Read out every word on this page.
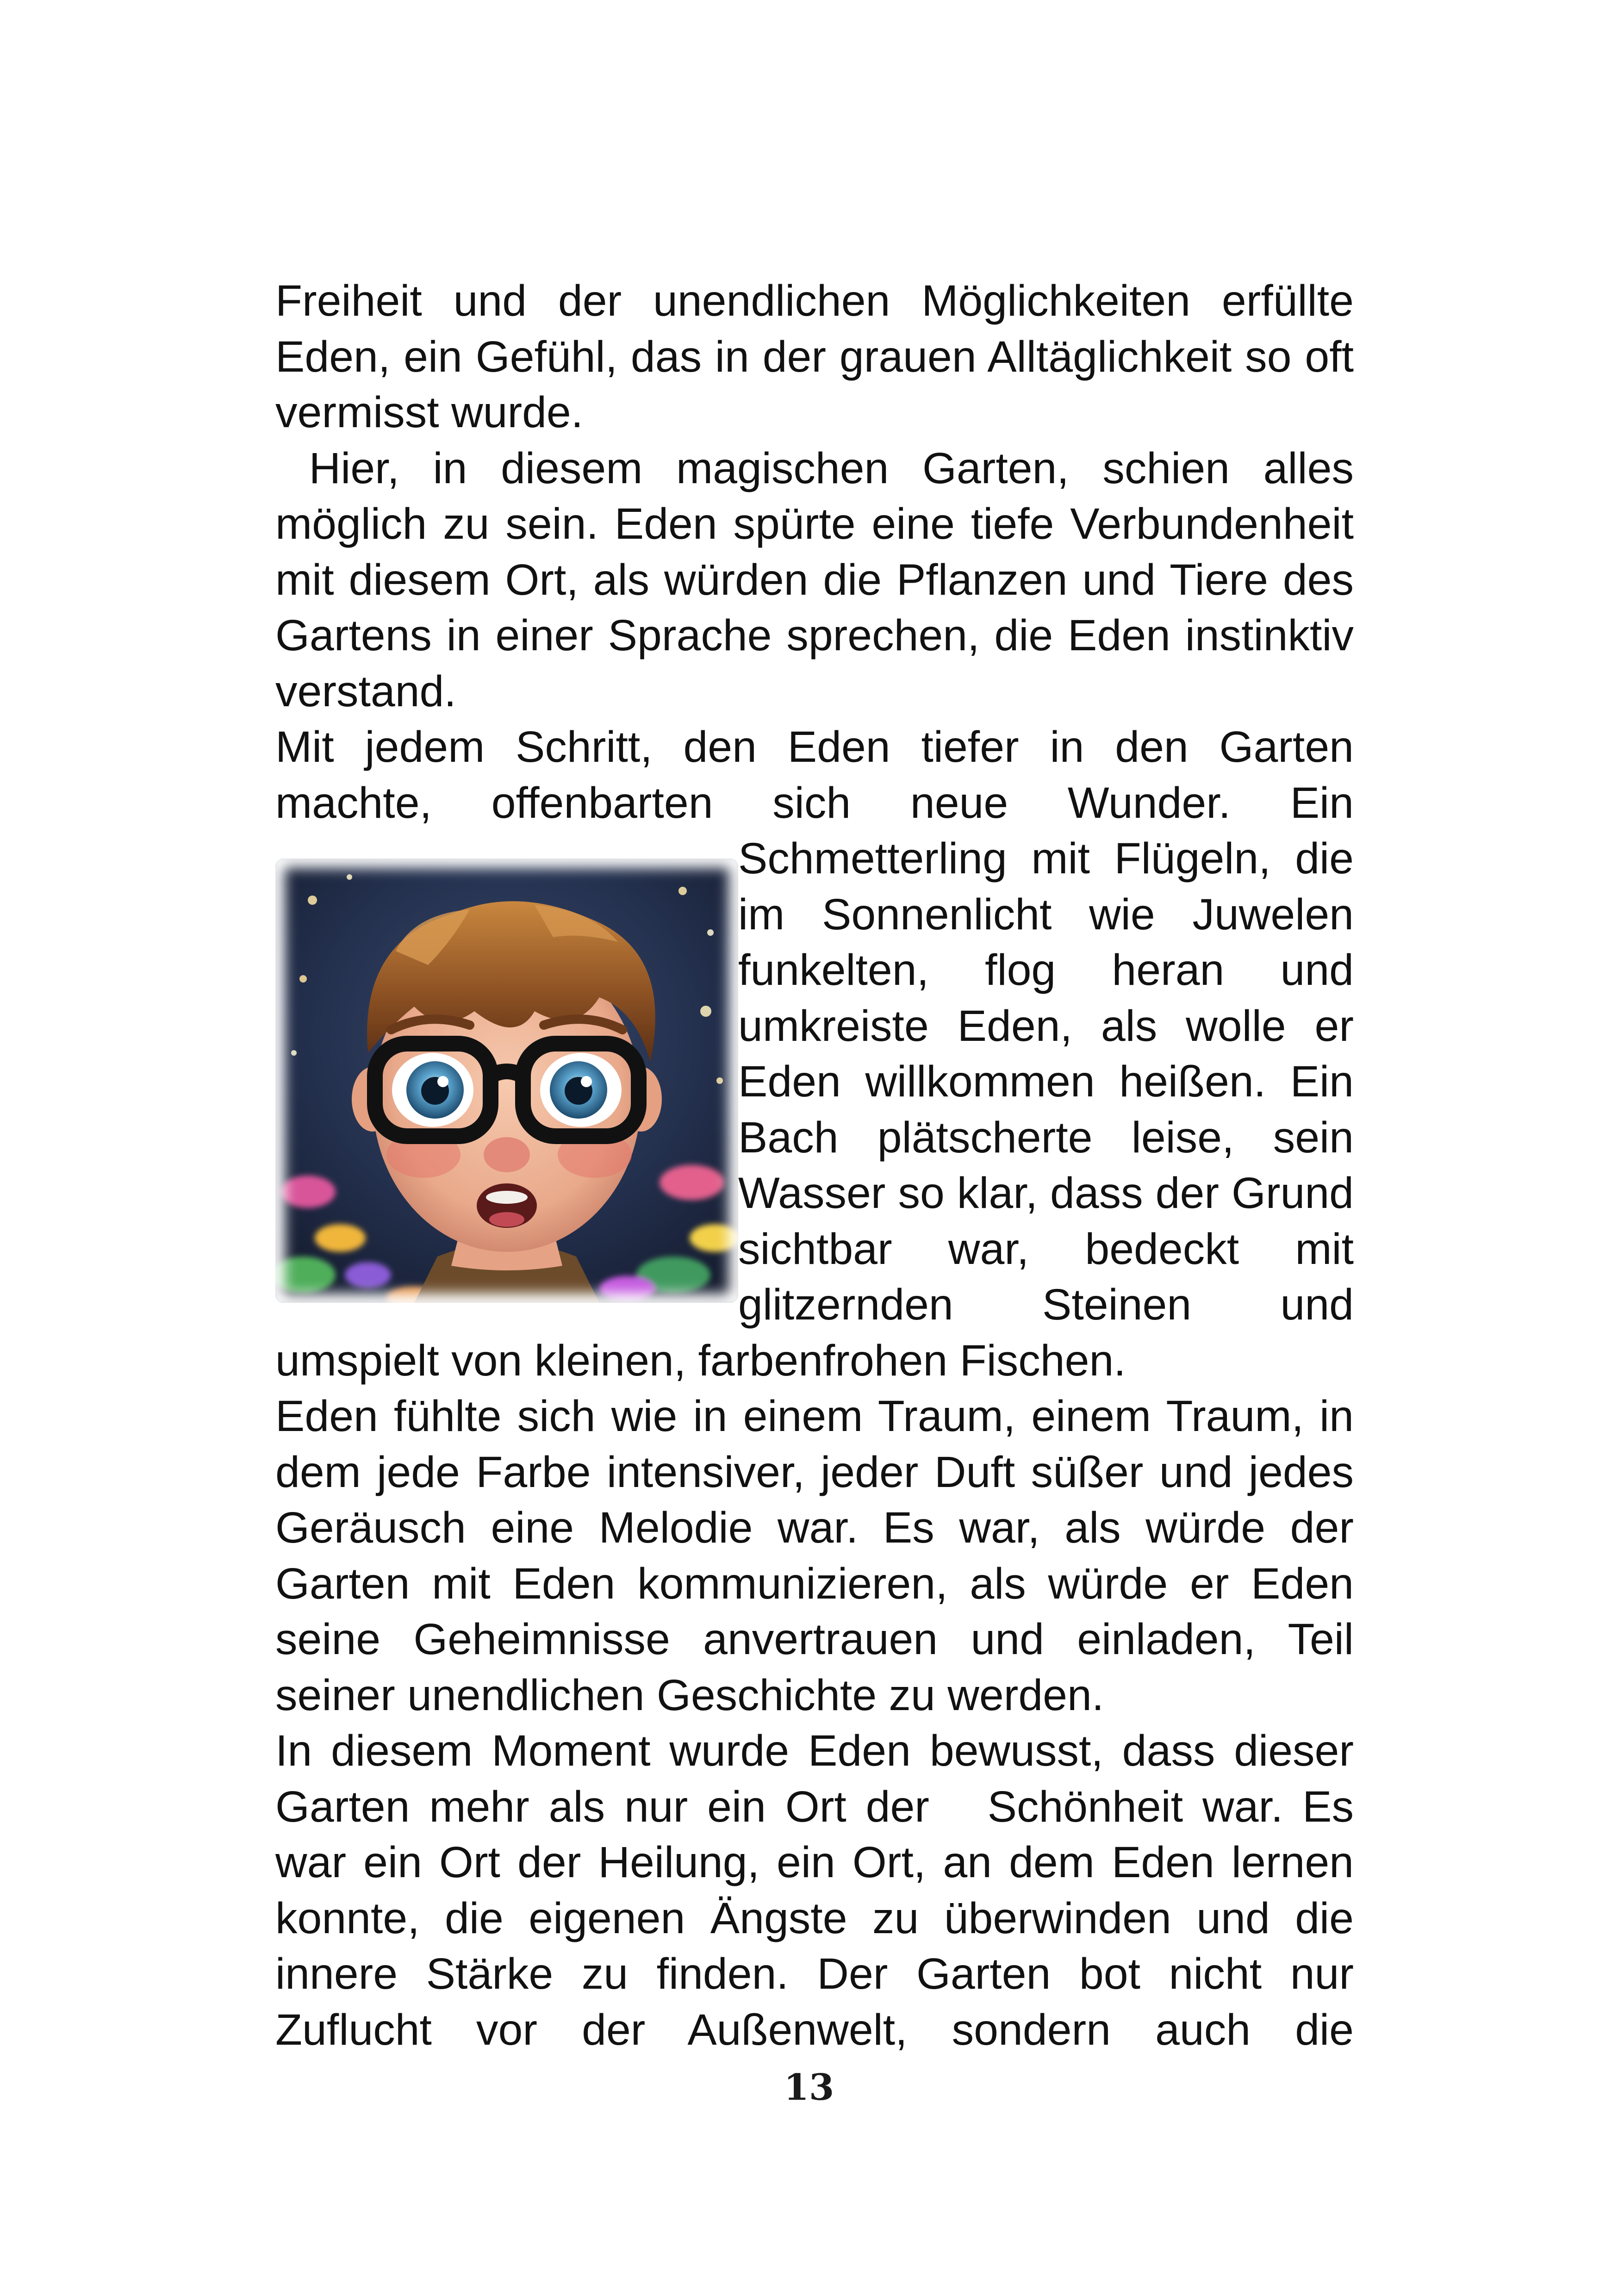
Freiheit und der unendlichen Möglichkeiten erfüllte Eden, ein Gefühl, das in der grauen Alltäglichkeit so oft vermisst wurde.

Hier, in diesem magischen Garten, schien alles möglich zu sein. Eden spürte eine tiefe Verbundenheit mit diesem Ort, als würden die Pflanzen und Tiere des Gartens in einer Sprache sprechen, die Eden instinktiv verstand.

Mit jedem Schritt, den Eden tiefer in den Garten machte, offenbarten sich neue Wunder. Ein

Schmetterling mit Flügeln, die im Sonnenlicht wie Juwelen funkelten, flog heran und umkreiste Eden, als wolle er Eden willkommen heißen. Ein Bach plätscherte leise, sein Wasser so klar, dass der Grund sichtbar war, bedeckt mit glitzernden Steinen und umspielt von kleinen, farbenfrohen Fischen.

Eden fühlte sich wie in einem Traum, einem Traum, in dem jede Farbe intensiver, jeder Duft süßer und jedes Geräusch eine Melodie war. Es war, als würde der Garten mit Eden kommunizieren, als würde er Eden seine Geheimnisse anvertrauen und einladen, Teil seiner unendlichen Geschichte zu werden.

In diesem Moment wurde Eden bewusst, dass dieser Garten mehr als nur ein Ort der   Schönheit war. Es war ein Ort der Heilung, ein Ort, an dem Eden lernen konnte, die eigenen Ängste zu überwinden und die innere Stärke zu finden. Der Garten bot nicht nur Zuflucht vor der Außenwelt, sondern auch die

13
